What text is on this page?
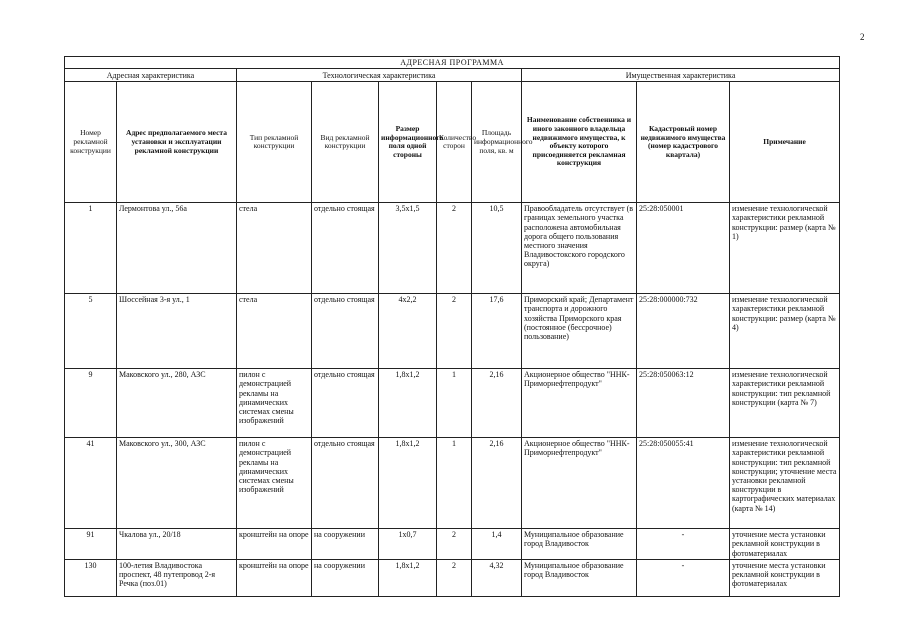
2
АДРЕСНАЯ ПРОГРАММА									
Адресная характеристика		Технологическая характеристика					Имущественная характеристика		
Номер рекламной конструкции	Адрес предполагаемого места установки и эксплуатации рекламной конструкции	Тип рекламной конструкции	Вид рекламной конструкции	Размер информационного поля одной стороны	Количество сторон	Площадь информационного поля, кв. м	Наименование собственника и иного законного владельца недвижимого имущества, к объекту которого присоединяется рекламная конструкция	Кадастровый номер недвижимого имущества (номер кадастрового квартала)	Примечание
1	Лермонтова ул., 56а	стела	отдельно стоящая	3,5х1,5	2	10,5	Правообладатель отсутствует (в границах земельного участка расположена автомобильная дорога общего пользования местного значения Владивостокского городского округа)	25:28:050001	изменение технологической характеристики рекламной конструкции: размер (карта № 1)
5	Шоссейная 3-я ул., 1	стела	отдельно стоящая	4х2,2	2	17,6	Приморский край; Департамент транспорта и дорожного хозяйства Приморского края (постоянное (бессрочное) пользование)	25:28:000000:732	изменение технологической характеристики рекламной конструкции: размер (карта № 4)
9	Маковского ул., 280, АЗС	пилон с демонстрацией рекламы на динамических системах смены изображений	отдельно стоящая	1,8х1,2	1	2,16	Акционерное общество "ННК-Приморнефтепродукт"	25:28:050063:12	изменение технологической характеристики рекламной конструкции: тип рекламной конструкции (карта № 7)
41	Маковского ул., 300, АЗС	пилон с демонстрацией рекламы на динамических системах смены изображений	отдельно стоящая	1,8х1,2	1	2,16	Акционерное общество "ННК-Приморнефтепродукт"	25:28:050055:41	изменение технологической характеристики рекламной конструкции: тип рекламной конструкции; уточнение места установки рекламной конструкции в картографических материалах (карта № 14)
91	Чкалова ул., 20/18	кронштейн на опоре	на сооружении	1х0,7	2	1,4	Муниципальное образование город Владивосток	-	уточнение места установки рекламной конструкции в фотоматериалах
130	100-летия Владивостока проспект, 48 путепровод 2-я Речка (поз.01)	кронштейн на опоре	на сооружении	1,8х1,2	2	4,32	Муниципальное образование город Владивосток	-	уточнение места установки рекламной конструкции в фотоматериалах
